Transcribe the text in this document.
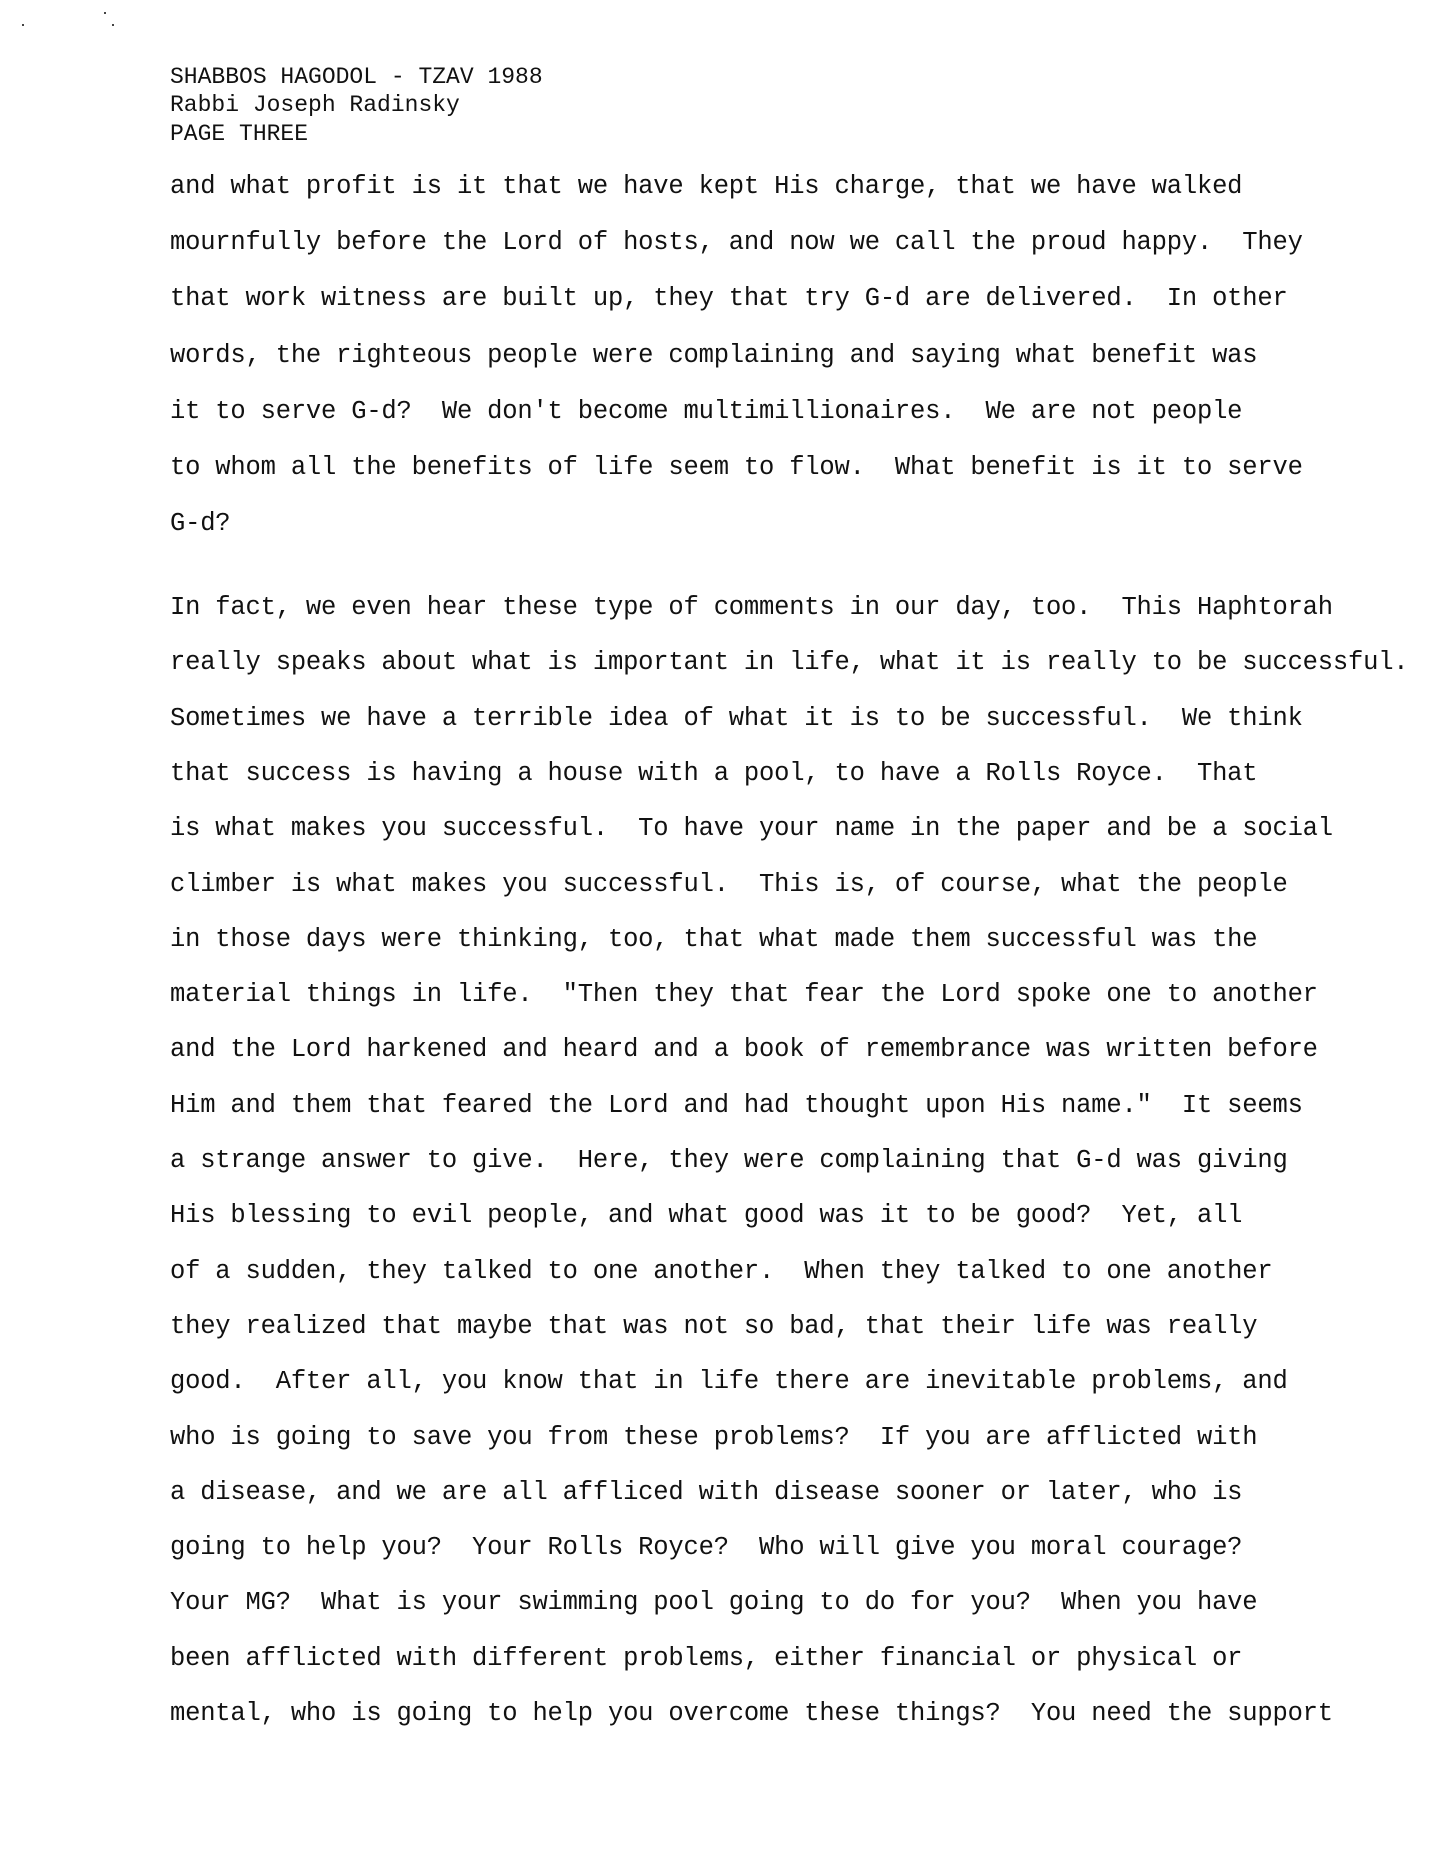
SHABBOS HAGODOL - TZAV 1988
Rabbi Joseph Radinsky
PAGE THREE
and what profit is it that we have kept His charge, that we have walked
mournfully before the Lord of hosts, and now we call the proud happy.  They
that work witness are built up, they that try G-d are delivered.  In other
words, the righteous people were complaining and saying what benefit was
it to serve G-d?  We don't become multimillionaires.  We are not people
to whom all the benefits of life seem to flow.  What benefit is it to serve
G-d?
In fact, we even hear these type of comments in our day, too.  This Haphtorah
really speaks about what is important in life, what it is really to be successful.
Sometimes we have a terrible idea of what it is to be successful.  We think
that success is having a house with a pool, to have a Rolls Royce.  That
is what makes you successful.  To have your name in the paper and be a social
climber is what makes you successful.  This is, of course, what the people
in those days were thinking, too, that what made them successful was the
material things in life.  "Then they that fear the Lord spoke one to another
and the Lord harkened and heard and a book of remembrance was written before
Him and them that feared the Lord and had thought upon His name."  It seems
a strange answer to give.  Here, they were complaining that G-d was giving
His blessing to evil people, and what good was it to be good?  Yet, all
of a sudden, they talked to one another.  When they talked to one another
they realized that maybe that was not so bad, that their life was really
good.  After all, you know that in life there are inevitable problems, and
who is going to save you from these problems?  If you are afflicted with
a disease, and we are all affliced with disease sooner or later, who is
going to help you?  Your Rolls Royce?  Who will give you moral courage?
Your MG?  What is your swimming pool going to do for you?  When you have
been afflicted with different problems, either financial or physical or
mental, who is going to help you overcome these things?  You need the support
